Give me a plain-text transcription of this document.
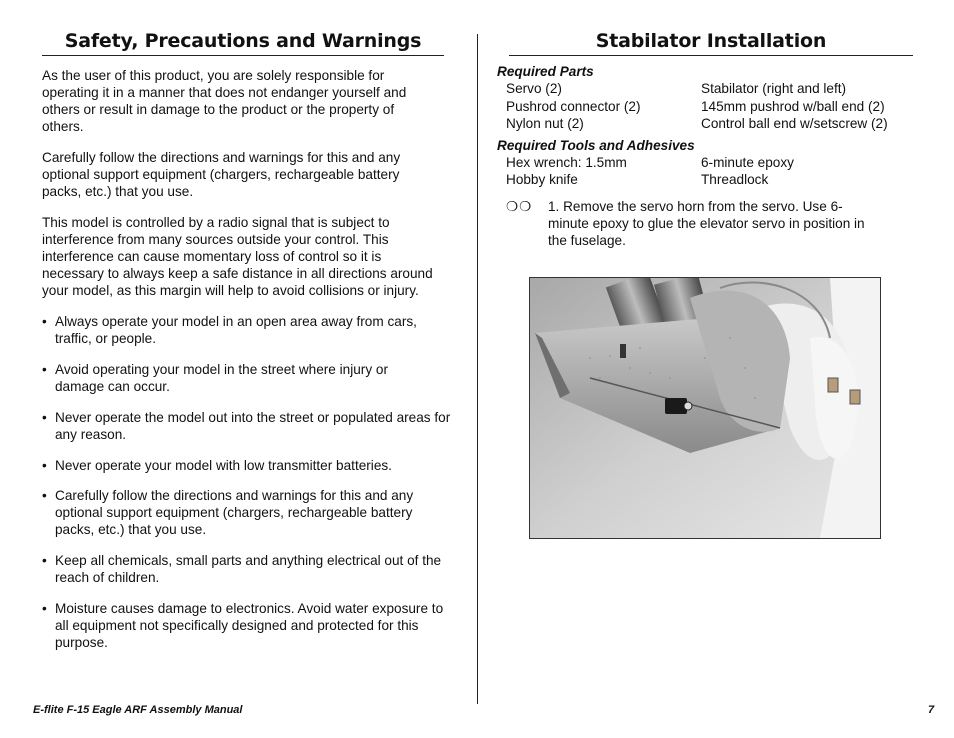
Safety, Precautions and Warnings

As the user of this product, you are solely responsible for operating it in a manner that does not endanger yourself and others or result in damage to the product or the property of others.

Carefully follow the directions and warnings for this and any optional support equipment (chargers, rechargeable battery packs, etc.) that you use.

This model is controlled by a radio signal that is subject to interference from many sources outside your control. This interference can cause momentary loss of control so it is necessary to always keep a safe distance in all directions around your model, as this margin will help to avoid collisions or injury.

• Always operate your model in an open area away from cars, traffic, or people.
• Avoid operating your model in the street where injury or damage can occur.
• Never operate the model out into the street or populated areas for any reason.
• Never operate your model with low transmitter batteries.
• Carefully follow the directions and warnings for this and any optional support equipment (chargers, rechargeable battery packs, etc.) that you use.
• Keep all chemicals, small parts and anything electrical out of the reach of children.
• Moisture causes damage to electronics. Avoid water exposure to all equipment not specifically designed and protected for this purpose.
Stabilator Installation
Required Parts
Servo (2)	Stabilator (right and left)
Pushrod connector (2)	145mm pushrod w/ball end (2)
Nylon nut (2)	Control ball end w/setscrew (2)
Required Tools and Adhesives
Hex wrench: 1.5mm	6-minute epoxy
Hobby knife	Threadlock
❍❍ 1. Remove the servo horn from the servo. Use 6-minute epoxy to glue the elevator servo in position in the fuselage.
E-flite F-15 Eagle ARF Assembly Manual	7
